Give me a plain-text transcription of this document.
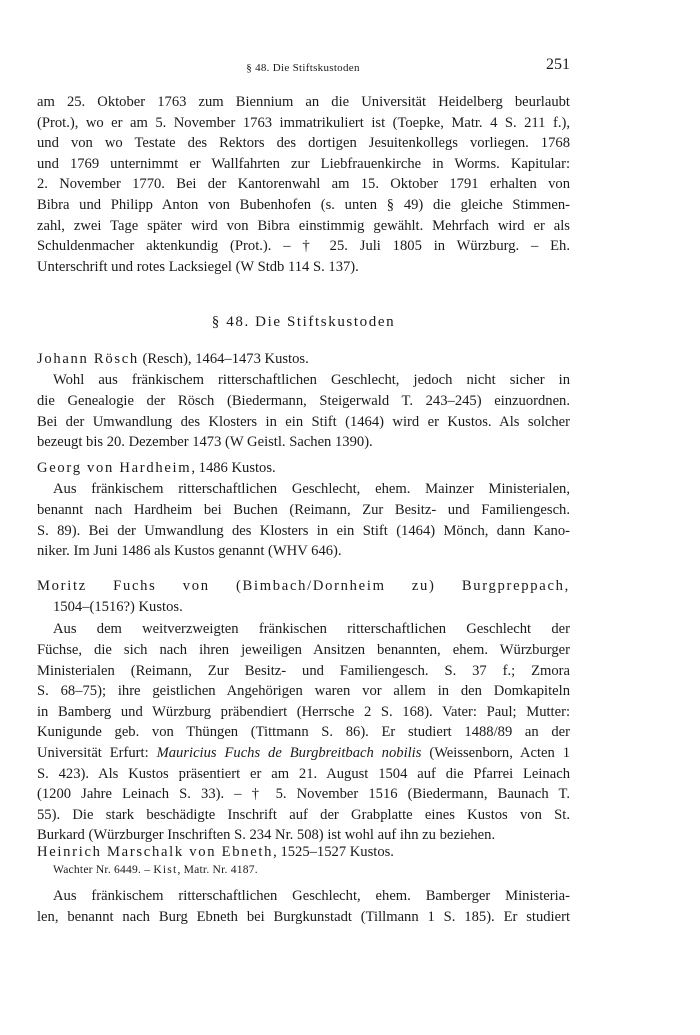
§ 48. Die Stiftskustoden	251
am 25. Oktober 1763 zum Biennium an die Universität Heidelberg beurlaubt
(Prot.), wo er am 5. November 1763 immatrikuliert ist (Toepke, Matr. 4 S. 211 f.),
und von wo Testate des Rektors des dortigen Jesuitenkollegs vorliegen. 1768
und 1769 unternimmt er Wallfahrten zur Liebfrauenkirche in Worms. Kapitular:
2. November 1770. Bei der Kantorenwahl am 15. Oktober 1791 erhalten von
Bibra und Philipp Anton von Bubenhofen (s. unten § 49) die gleiche Stimmen-
zahl, zwei Tage später wird von Bibra einstimmig gewählt. Mehrfach wird er als
Schuldenmacher aktenkundig (Prot.). – † 25. Juli 1805 in Würzburg. – Eh.
Unterschrift und rotes Lacksiegel (W Stdb 114 S. 137).
§ 48. Die Stiftskustoden

Johann Rösch (Resch), 1464–1473 Kustos.

Wohl aus fränkischem ritterschaftlichen Geschlecht, jedoch nicht sicher in
die Genealogie der Rösch (Biedermann, Steigerwald T. 243–245) einzuordnen.
Bei der Umwandlung des Klosters in ein Stift (1464) wird er Kustos. Als solcher
bezeugt bis 20. Dezember 1473 (W Geistl. Sachen 1390).

Georg von Hardheim, 1486 Kustos.

Aus fränkischem ritterschaftlichen Geschlecht, ehem. Mainzer Ministerialen,
benannt nach Hardheim bei Buchen (Reimann, Zur Besitz- und Familiengesch.
S. 89). Bei der Umwandlung des Klosters in ein Stift (1464) Mönch, dann Kano-
niker. Im Juni 1486 als Kustos genannt (WHV 646).

Moritz Fuchs von (Bimbach/Dornheim zu) Burgpreppach,
1504–(1516?) Kustos.

Aus dem weitverzweigten fränkischen ritterschaftlichen Geschlecht der
Füchse, die sich nach ihren jeweiligen Ansitzen benannten, ehem. Würzburger
Ministerialen (Reimann, Zur Besitz- und Familiengesch. S. 37 f.; Zmora
S. 68–75); ihre geistlichen Angehörigen waren vor allem in den Domkapiteln
in Bamberg und Würzburg präbendiert (Herrsche 2 S. 168). Vater: Paul; Mutter:
Kunigunde geb. von Thüngen (Tittmann S. 86). Er studiert 1488/89 an der
Universität Erfurt: Mauricius Fuchs de Burgbreitbach nobilis (Weissenborn, Acten 1
S. 423). Als Kustos präsentiert er am 21. August 1504 auf die Pfarrei Leinach
(1200 Jahre Leinach S. 33). – † 5. November 1516 (Biedermann, Baunach T.
55). Die stark beschädigte Inschrift auf der Grabplatte eines Kustos von St.
Burkard (Würzburger Inschriften S. 234 Nr. 508) ist wohl auf ihn zu beziehen.

Heinrich Marschalk von Ebneth, 1525–1527 Kustos.

Wachter Nr. 6449. – Kist, Matr. Nr. 4187.
Aus fränkischem ritterschaftlichen Geschlecht, ehem. Bamberger Ministeria-
len, benannt nach Burg Ebneth bei Burgkunstadt (Tillmann 1 S. 185). Er studiert
